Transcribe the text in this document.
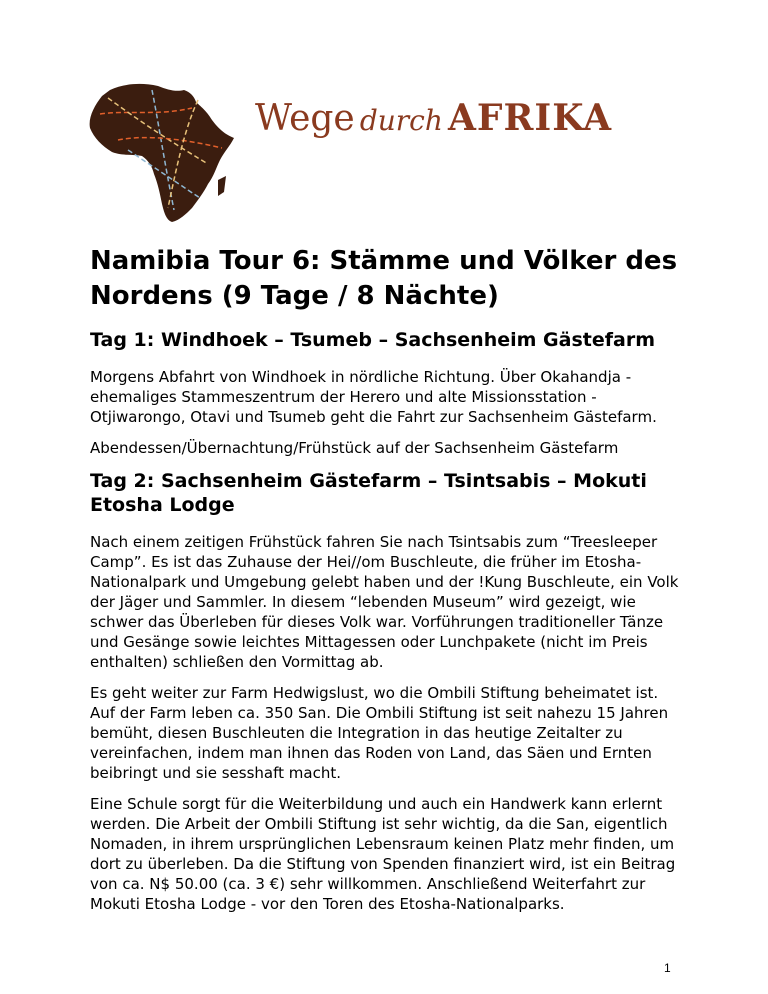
Wege durch AFRIKA
Namibia Tour 6: Stämme und Völker des Nordens (9 Tage / 8 Nächte)
Tag 1: Windhoek – Tsumeb – Sachsenheim Gästefarm

Morgens Abfahrt von Windhoek in nördliche Richtung. Über Okahandja - ehemaliges Stammeszentrum der Herero und alte Missionsstation - Otjiwarongo, Otavi und Tsumeb geht die Fahrt zur Sachsenheim Gästefarm.

Abendessen/Übernachtung/Frühstück auf der Sachsenheim Gästefarm

Tag 2: Sachsenheim Gästefarm – Tsintsabis – Mokuti Etosha Lodge

Nach einem zeitigen Frühstück fahren Sie nach Tsintsabis zum “Treesleeper Camp”. Es ist das Zuhause der Hei//om Buschleute, die früher im Etosha-Nationalpark und Umgebung gelebt haben und der !Kung Buschleute, ein Volk der Jäger und Sammler. In diesem “lebenden Museum” wird gezeigt, wie schwer das Überleben für dieses Volk war. Vorführungen traditioneller Tänze und Gesänge sowie leichtes Mittagessen oder Lunchpakete (nicht im Preis enthalten) schließen den Vormittag ab.

Es geht weiter zur Farm Hedwigslust, wo die Ombili Stiftung beheimatet ist. Auf der Farm leben ca. 350 San. Die Ombili Stiftung ist seit nahezu 15 Jahren bemüht, diesen Buschleuten die Integration in das heutige Zeitalter zu vereinfachen, indem man ihnen das Roden von Land, das Säen und Ernten beibringt und sie sesshaft macht.

Eine Schule sorgt für die Weiterbildung und auch ein Handwerk kann erlernt werden. Die Arbeit der Ombili Stiftung ist sehr wichtig, da die San, eigentlich Nomaden, in ihrem ursprünglichen Lebensraum keinen Platz mehr finden, um dort zu überleben. Da die Stiftung von Spenden finanziert wird, ist ein Beitrag von ca. N$ 50.00 (ca. 3 €) sehr willkommen. Anschließend Weiterfahrt zur Mokuti Etosha Lodge - vor den Toren des Etosha-Nationalparks.

1
